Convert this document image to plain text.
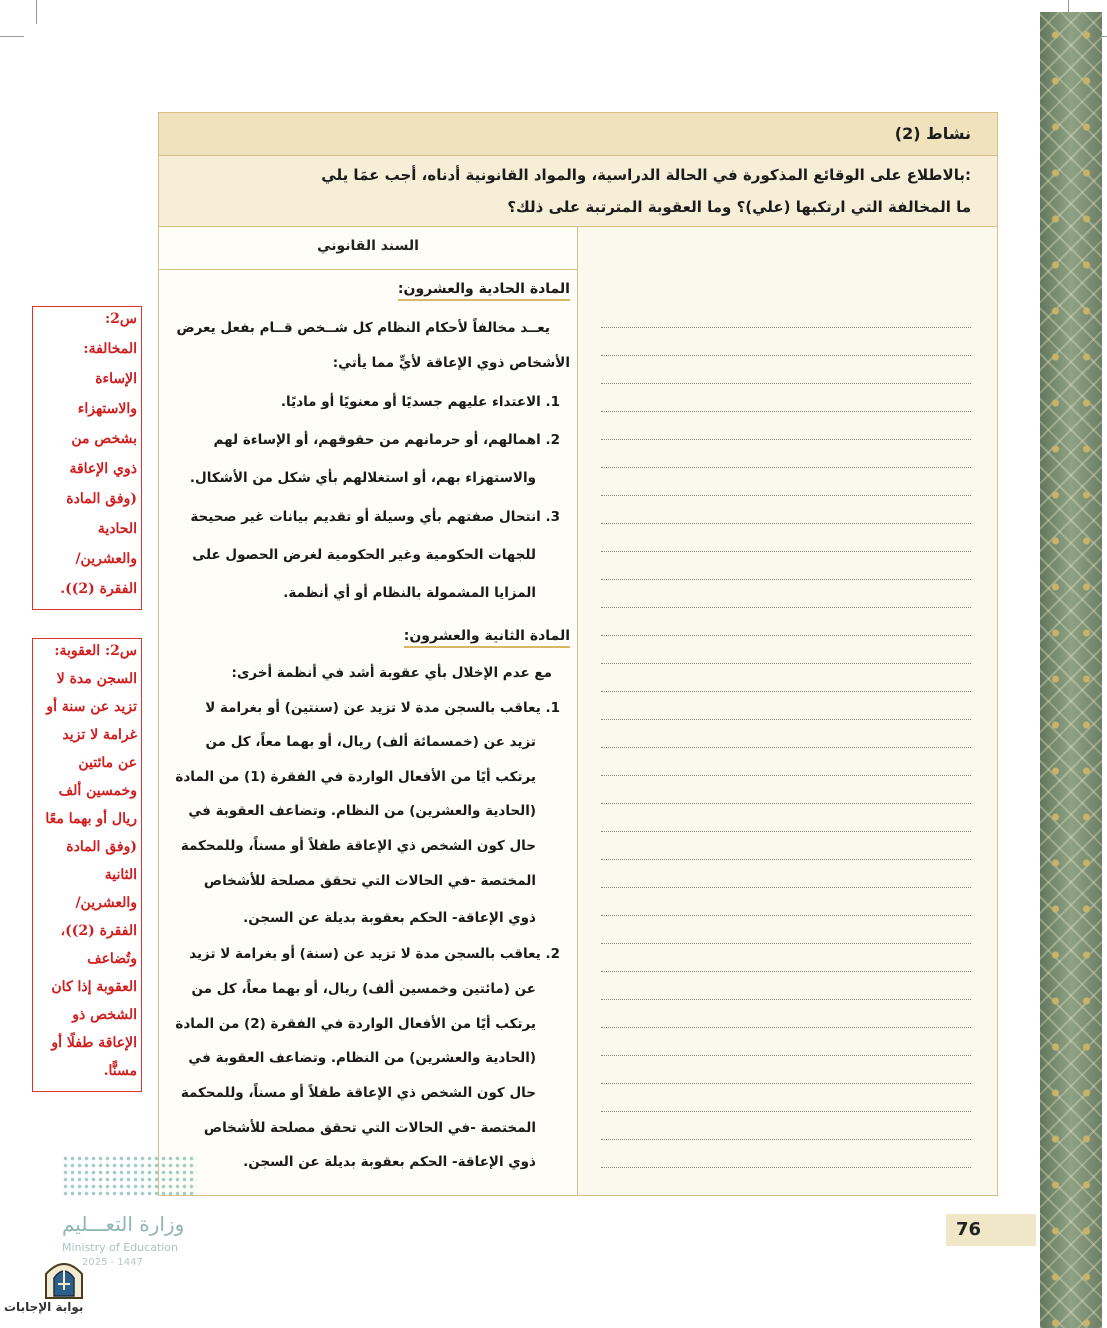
نشاط (2)
بالاطلاع على الوقائع المذكورة في الحالة الدراسية، والمواد القانونية أدناه، أجب عمَا يلي:
ما المخالفة التي ارتكبها (علي)؟ وما العقوبة المترتبة على ذلك؟
السند القانوني
المادة الحادية والعشرون:
يعــد مخالفاً لأحكام النظام كل شــخص قــام بفعل يعرض
الأشخاص ذوي الإعاقة لأيٍّ مما يأتي:
1. الاعتداء عليهم جسديًا أو معنويًا أو ماديًا.
2. اهمالهم، أو حرمانهم من حقوقهم، أو الإساءة لهم
والاستهزاء بهم، أو استغلالهم بأي شكل من الأشكال.
3. انتحال صفتهم بأي وسيلة أو تقديم بيانات غير صحيحة
للجهات الحكومية وغير الحكومية لغرض الحصول على
المزايا المشمولة بالنظام أو أي أنظمة.
المادة الثانية والعشرون:
مع عدم الإخلال بأي عقوبة أشد في أنظمة أخرى:
1. يعاقب بالسجن مدة لا تزيد عن (سنتين) أو بغرامة لا
تزيد عن (خمسمائة ألف) ريال، أو بهما معاً، كل من
يرتكب أيًا من الأفعال الواردة في الفقرة (1) من المادة
(الحادية والعشرين) من النظام. وتضاعف العقوبة في
حال كون الشخص ذي الإعاقة طفلاً أو مسناً، وللمحكمة
المختصة -في الحالات التي تحقق مصلحة للأشخاص
ذوي الإعاقة- الحكم بعقوبة بديلة عن السجن.
2. يعاقب بالسجن مدة لا تزيد عن (سنة) أو بغرامة لا تزيد
عن (مائتين وخمسين ألف) ريال، أو بهما معاً، كل من
يرتكب أيًا من الأفعال الواردة في الفقرة (2) من المادة
(الحادية والعشرين) من النظام. وتضاعف العقوبة في
حال كون الشخص ذي الإعاقة طفلاً أو مسناً، وللمحكمة
المختصة -في الحالات التي تحقق مصلحة للأشخاص
ذوي الإعاقة- الحكم بعقوبة بديلة عن السجن.
س2:
المخالفة:
الإساءة
والاستهزاء
بشخص من
ذوي الإعاقة
(وفق المادة
الحادية
والعشرين/
الفقرة (2)).
س2: العقوبة:
السجن مدة لا
تزيد عن سنة أو
غرامة لا تزيد
عن مائتين
وخمسين ألف
ريال أو بهما معًا
(وفق المادة
الثانية
والعشرين/
الفقرة (2))،
وتُضاعف
العقوبة إذا كان
الشخص ذو
الإعاقة طفلًا أو
مسنًّا.
76
وزارة التعـــليم
Ministry of Education
2025 - 1447
بوابة الإجابات
